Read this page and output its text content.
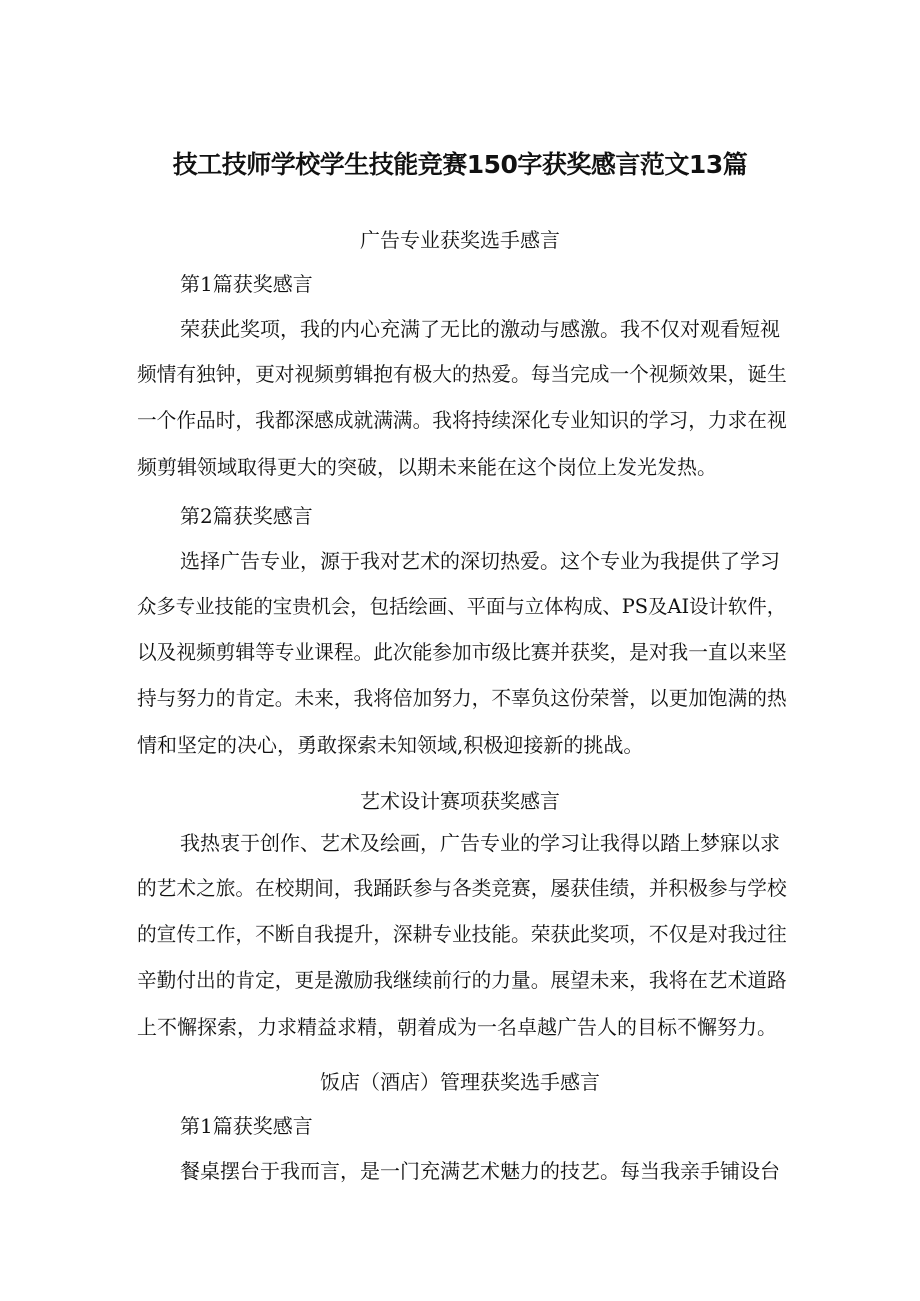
技工技师学校学生技能竞赛150字获奖感言范文13篇
广告专业获奖选手感言
第1篇获奖感言
荣获此奖项，我的内心充满了无比的激动与感激。我不仅对观看短视
频情有独钟，更对视频剪辑抱有极大的热爱。每当完成一个视频效果，诞生
一个作品时，我都深感成就满满。我将持续深化专业知识的学习，力求在视
频剪辑领域取得更大的突破，以期未来能在这个岗位上发光发热。
第2篇获奖感言
选择广告专业，源于我对艺术的深切热爱。这个专业为我提供了学习
众多专业技能的宝贵机会，包括绘画、平面与立体构成、PS及AI设计软件，
以及视频剪辑等专业课程。此次能参加市级比赛并获奖，是对我一直以来坚
持与努力的肯定。未来，我将倍加努力，不辜负这份荣誉，以更加饱满的热
情和坚定的决心，勇敢探索未知领域,积极迎接新的挑战。
艺术设计赛项获奖感言
我热衷于创作、艺术及绘画，广告专业的学习让我得以踏上梦寐以求
的艺术之旅。在校期间，我踊跃参与各类竞赛，屡获佳绩，并积极参与学校
的宣传工作，不断自我提升，深耕专业技能。荣获此奖项，不仅是对我过往
辛勤付出的肯定，更是激励我继续前行的力量。展望未来，我将在艺术道路
上不懈探索，力求精益求精，朝着成为一名卓越广告人的目标不懈努力。
饭店（酒店）管理获奖选手感言
第1篇获奖感言
餐桌摆台于我而言，是一门充满艺术魅力的技艺。每当我亲手铺设台
